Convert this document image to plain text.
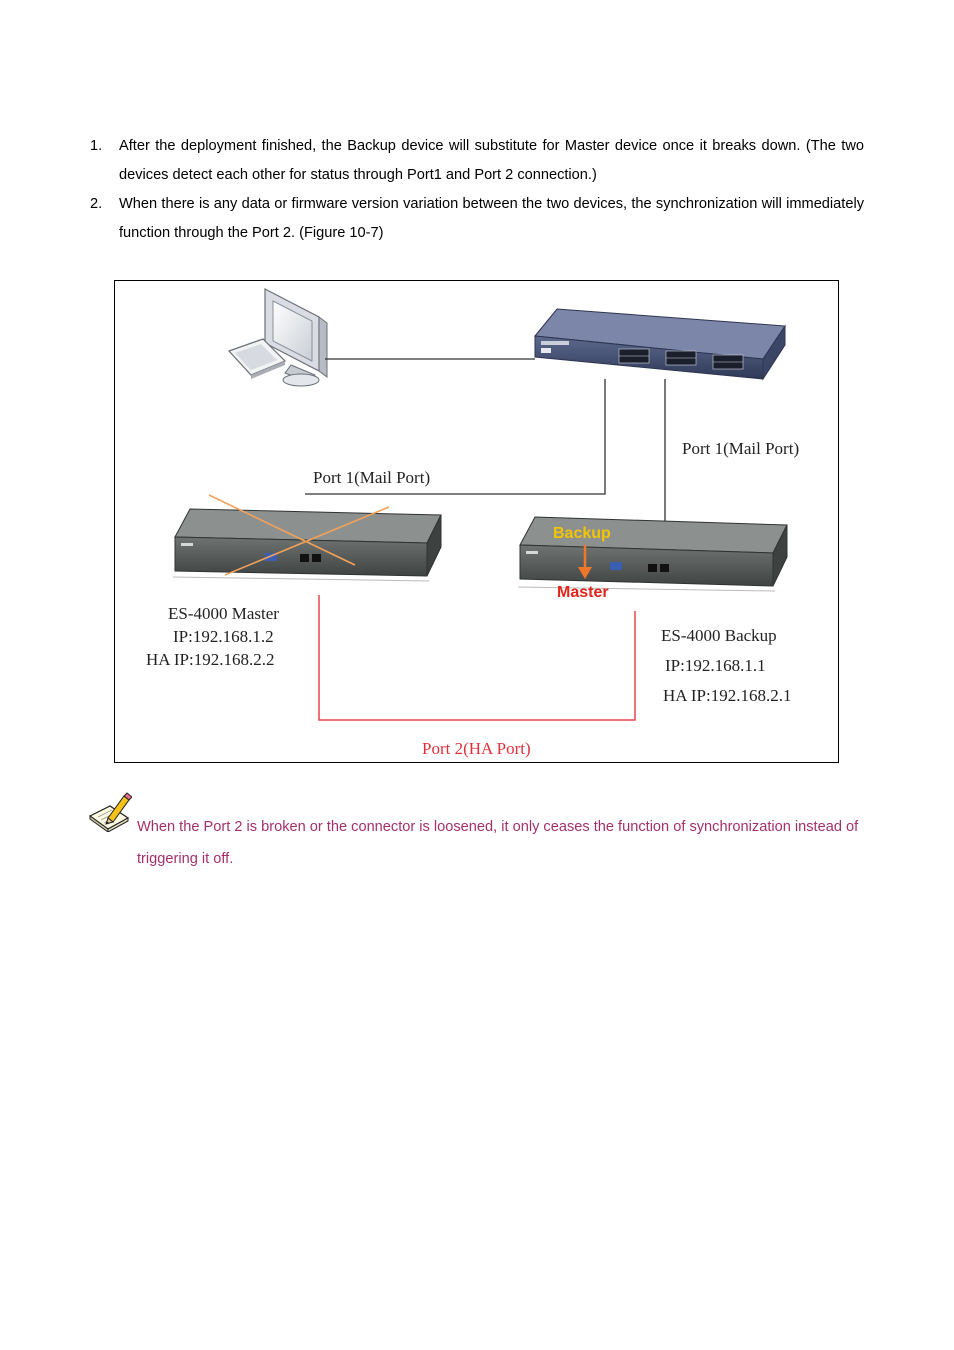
1. After the deployment finished, the Backup device will substitute for Master device once it breaks down. (The two devices detect each other for status through Port1 and Port 2 connection.)
2. When there is any data or firmware version variation between the two devices, the synchronization will immediately function through the Port 2. (Figure 10-7)
Port 1(Mail Port)
Port 1(Mail Port)
Backup
Master
ES-4000 Master
IP:192.168.1.2
HA IP:192.168.2.2
ES-4000 Backup
IP:192.168.1.1
HA IP:192.168.2.1
Port 2(HA Port)
When the Port 2 is broken or the connector is loosened, it only ceases the function of synchronization instead of triggering it off.
